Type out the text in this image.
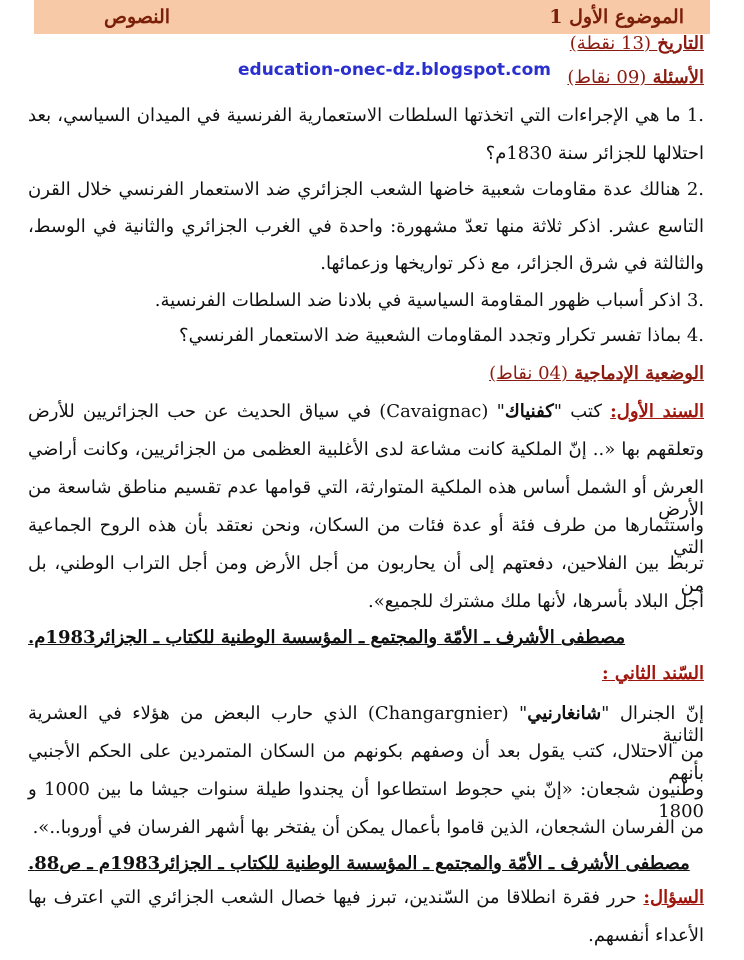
الموضوع الأول 1
النصوص
education-onec-dz.blogspot.com
التاريخ (13 نقطة)
الأسئلة (09 نقاط)
.1 ما هي الإجراءات التي اتخذتها السلطات الاستعمارية الفرنسية في الميدان السياسي، بعد
احتلالها للجزائر سنة 1830م؟
.2 هنالك عدة مقاومات شعبية خاضها الشعب الجزائري ضد الاستعمار الفرنسي خلال القرن
التاسع عشر. اذكر ثلاثة منها تعدّ مشهورة: واحدة في الغرب الجزائري والثانية في الوسط،
والثالثة في شرق الجزائر، مع ذكر تواريخها وزعمائها.
.3 اذكر أسباب ظهور المقاومة السياسية في بلادنا ضد السلطات الفرنسية.
.4 بماذا تفسر تكرار وتجدد المقاومات الشعبية ضد الاستعمار الفرنسي؟
الوضعية الإدماجية (04 نقاط)
السند الأول: كتب "كفنياك" (Cavaignac) في سياق الحديث عن حب الجزائريين للأرض
وتعلقهم بها «.. إنّ الملكية كانت مشاعة لدى الأغلبية العظمى من الجزائريين، وكانت أراضي
العرش أو الشمل أساس هذه الملكية المتوارثة، التي قوامها عدم تقسيم مناطق شاسعة من الأرض
واستثمارها من طرف فئة أو عدة فئات من السكان، ونحن نعتقد بأن هذه الروح الجماعية التي
تربط بين الفلاحين، دفعتهم إلى أن يحاربون من أجل الأرض ومن أجل التراب الوطني، بل من
أجل البلاد بأسرها، لأنها ملك مشترك للجميع».
مصطفى الأشرف ـ الأمّة والمجتمع ـ المؤسسة الوطنية للكتاب ـ الجزائر1983م.
السّند الثاني :
إنّ الجنرال "شانغارنيي" (Changargnier) الذي حارب البعض من هؤلاء في العشرية الثانية
من الاحتلال، كتب يقول بعد أن وصفهم بكونهم من السكان المتمردين على الحكم الأجنبي بأنهم
وطنيون شجعان: «إنّ بني حجوط استطاعوا أن يجندوا طيلة سنوات جيشا ما بين 1000 و 1800
من الفرسان الشجعان، الذين قاموا بأعمال يمكن أن يفتخر بها أشهر الفرسان في أوروبا..».
مصطفى الأشرف ـ الأمّة والمجتمع ـ المؤسسة الوطنية للكتاب ـ الجزائر1983م ـ ص88.
السؤال: حرر فقرة انطلاقا من السّندين، تبرز فيها خصال الشعب الجزائري التي اعترف بها
الأعداء أنفسهم.
